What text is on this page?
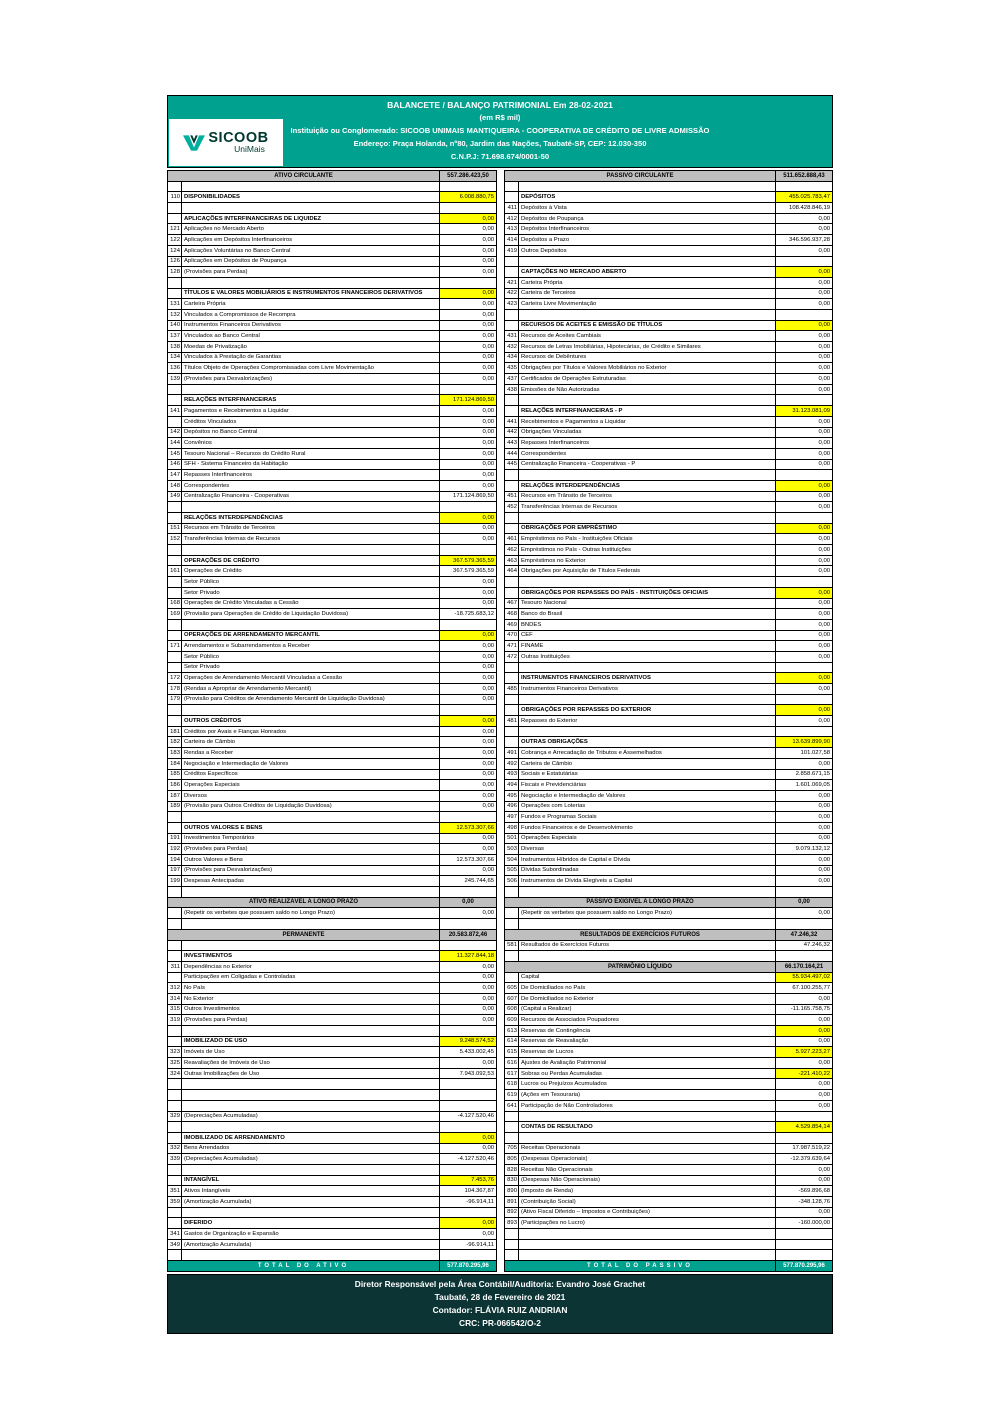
BALANCETE / BALANÇO PATRIMONIAL Em 28-02-2021
(em R$ mil)
Instituição ou Conglomerado: SICOOB UNIMAIS MANTIQUEIRA - COOPERATIVA DE CRÉDITO DE LIVRE ADMISSÃO
Endereço: Praça Holanda, nº80, Jardim das Nações, Taubaté-SP, CEP: 12.030-350
C.N.P.J: 71.698.674/0001-50
SICOOB
UniMais
ATIVO CIRCULANTE		557.286.423,50

110	DISPONIBILIDADES	6.008.880,75

	APLICAÇÕES INTERFINANCEIRAS DE LIQUIDEZ	0,00
121	Aplicações no Mercado Aberto	0,00
122	Aplicações em Depósitos Interfinanceiros	0,00
124	Aplicações Voluntárias no Banco Central	0,00
126	Aplicações em Depósitos de Poupança	0,00
128	(Provisões para Perdas)	0,00

	TÍTULOS E VALORES MOBILIÁRIOS E INSTRUMENTOS FINANCEIROS DERIVATIVOS	0,00
131	Carteira Própria	0,00
132	Vinculados a Compromissos de Recompra	0,00
140	Instrumentos Financeiros Derivativos	0,00
137	Vinculados ao Banco Central	0,00
138	Moedas de Privatização	0,00
134	Vinculados à Prestação de Garantias	0,00
136	Títulos Objeto de Operações Compromissadas com Livre Movimentação	0,00
139	(Provisões para Desvalorizações)	0,00

	RELAÇÕES INTERFINANCEIRAS	171.124.869,50
141	Pagamentos e Recebimentos a Liquidar	0,00
	Créditos Vinculados	0,00
142	Depósitos no Banco Central	0,00
144	Convênios	0,00
145	Tesouro Nacional – Recursos do Crédito Rural	0,00
146	SFH - Sistema Financeiro da Habitação	0,00
147	Repasses Interfinanceiros	0,00
148	Correspondentes	0,00
149	Centralização Financeira - Cooperativas	171.124.869,50

	RELAÇÕES INTERDEPENDÊNCIAS	0,00
151	Recursos em Trânsito de Terceiros	0,00
152	Transferências Internas de Recursos	0,00

	OPERAÇÕES DE CRÉDITO	367.579.365,59
161	Operações de Crédito	367.579.365,59
	Setor Público	0,00
	Setor Privado	0,00
168	Operações de Crédito Vinculadas a Cessão	0,00
169	(Provisão para Operações de Crédito de Liquidação Duvidosa)	-18.725.683,12

	OPERAÇÕES DE ARRENDAMENTO MERCANTIL	0,00
171	Arrendamentos e Subarrendamentos a Receber	0,00
	Setor Público	0,00
	Setor Privado	0,00
172	Operações de Arrendamento Mercantil Vinculadas a Cessão	0,00
178	(Rendas a Apropriar de Arrendamento Mercantil)	0,00
179	(Provisão para Créditos de Arrendamento Mercantil de Liquidação Duvidosa)	0,00

	OUTROS CRÉDITOS	0,00
181	Créditos por Avais e Fianças Honrados	0,00
182	Carteira de Câmbio	0,00
183	Rendas a Receber	0,00
184	Negociação e Intermediação de Valores	0,00
185	Créditos Específicos	0,00
186	Operações Especiais	0,00
187	Diversos	0,00
189	(Provisão para Outros Créditos de Liquidação Duvidosa)	0,00

	OUTROS VALORES E BENS	12.573.307,66
191	Investimentos Temporários	0,00
192	(Provisões para Perdas)	0,00
194	Outros Valores e Bens	12.573.307,66
197	(Provisões para Desvalorizações)	0,00
199	Despesas Antecipadas	245.744,65

ATIVO REALIZÁVEL A LONGO PRAZO		0,00
	(Repetir os verbetes que possuem saldo no Longo Prazo)	0,00

PERMANENTE		20.583.872,46

	INVESTIMENTOS	11.327.844,18
311	Dependências no Exterior	0,00
	Participações em Coligadas e Controladas	0,00
312	No País	0,00
314	No Exterior	0,00
315	Outros Investimentos	0,00
319	(Provisões para Perdas)	0,00

	IMOBILIZADO DE USO	9.248.574,52
323	Imóveis de Uso	5.433.002,45
325	Reavaliações de Imóveis de Uso	0,00
324	Outras Imobilizações de Uso	7.943.092,53

329	(Depreciações Acumuladas)	-4.127.520,46

	IMOBILIZADO DE ARRENDAMENTO	0,00
332	Bens Arrendados	0,00
339	(Depreciações Acumuladas)	-4.127.520,46

	INTANGÍVEL	7.453,76
351	Ativos Intangíveis	104.367,87
359	(Amortização Acumulada)	-96.914,11

	DIFERIDO	0,00
341	Gastos de Organização e Expansão	0,00
349	(Amortização Acumulada)	-96.914,11

TOTAL DO ATIVO		577.870.295,96
PASSIVO CIRCULANTE		511.652.888,43

	DEPÓSITOS	455.025.783,47
411	Depósitos à Vista	108.428.846,19
412	Depósitos de Poupança	0,00
413	Depósitos Interfinanceiros	0,00
414	Depósitos a Prazo	346.596.937,28
419	Outros Depósitos	0,00

	CAPTAÇÕES NO MERCADO ABERTO	0,00
421	Carteira Própria	0,00
422	Carteira de Terceiros	0,00
423	Carteira Livre Movimentação	0,00

	RECURSOS DE ACEITES E EMISSÃO DE TÍTULOS	0,00
431	Recursos de Aceites Cambiais	0,00
432	Recursos de Letras Imobiliárias, Hipotecárias, de Crédito e Similares	0,00
434	Recursos de Debêntures	0,00
435	Obrigações por Títulos e Valores Mobiliários no Exterior	0,00
437	Certificados de Operações Estruturadas	0,00
438	Emissões de Não Autorizadas	0,00

	RELAÇÕES INTERFINANCEIRAS - P	31.123.081,09
441	Recebimentos e Pagamentos a Liquidar	0,00
442	Obrigações Vinculadas	0,00
443	Repasses Interfinanceiros	0,00
444	Correspondentes	0,00
445	Centralização Financeira - Cooperativas - P	0,00

	RELAÇÕES INTERDEPENDÊNCIAS	0,00
451	Recursos em Trânsito de Terceiros	0,00
452	Transferências Internas de Recursos	0,00

	OBRIGAÇÕES POR EMPRÉSTIMO	0,00
461	Empréstimos no País - Instituições Oficiais	0,00
462	Empréstimos no País - Outras Instituições	0,00
463	Empréstimos no Exterior	0,00
464	Obrigações por Aquisição de Títulos Federais	0,00

	OBRIGAÇÕES POR REPASSES DO PAÍS - INSTITUIÇÕES OFICIAIS	0,00
467	Tesouro Nacional	0,00
468	Banco do Brasil	0,00
469	BNDES	0,00
470	CEF	0,00
471	FINAME	0,00
472	Outras Instituições	0,00

	INSTRUMENTOS FINANCEIROS DERIVATIVOS	0,00
485	Instrumentos Financeiros Derivativos	0,00

	OBRIGAÇÕES POR REPASSES DO EXTERIOR	0,00
481	Repasses do Exterior	0,00

	OUTRAS OBRIGAÇÕES	13.639.899,90
491	Cobrança e Arrecadação de Tributos e Assemelhados	101.027,58
492	Carteira de Câmbio	0,00
493	Sociais e Estatutárias	2.858.671,15
494	Fiscais e Previdenciárias	1.601.069,05
495	Negociação e Intermediação de Valores	0,00
496	Operações com Loterias	0,00
497	Fundos e Programas Sociais	0,00
498	Fundos Financeiros e de Desenvolvimento	0,00
501	Operações Especiais	0,00
503	Diversas	9.079.132,12
504	Instrumentos Híbridos de Capital e Dívida	0,00
505	Dívidas Subordinadas	0,00
506	Instrumentos de Dívida Elegíveis a Capital	0,00

PASSIVO EXIGÍVEL A LONGO PRAZO		0,00
	(Repetir os verbetes que possuem saldo no Longo Prazo)	0,00

RESULTADOS DE EXERCÍCIOS FUTUROS		47.246,32
581	Resultados de Exercícios Futuros	47.246,32

PATRIMÔNIO LÍQUIDO		66.170.164,21
	Capital	55.934.497,02
605	De Domiciliados no País	67.100.255,77
607	De Domiciliados no Exterior	0,00
608	(Capital a Realizar)	-11.165.758,75
609	Recursos de Associados Poupadores	0,00
613	Reservas de Contingência	0,00
614	Reservas de Reavaliação	0,00
615	Reservas de Lucros	5.927.223,27
616	Ajustes de Avaliação Patrimonial	0,00
617	Sobras ou Perdas Acumuladas	-221.410,22
618	Lucros ou Prejuízos Acumulados	0,00
619	(Ações em Tesouraria)	0,00
641	Participação de Não Controladores	0,00

	CONTAS DE RESULTADO	4.529.854,14

705	Receitas Operacionais	17.987.519,22
805	(Despesas Operacionais)	-12.379.639,64
828	Receitas Não Operacionais	0,00
830	(Despesas Não Operacionais)	0,00
890	(Imposto de Renda)	-569.896,68
891	(Contribuição Social)	-348.128,76
892	(Ativo Fiscal Diferido – Impostos e Contribuições)	0,00
893	(Participações no Lucro)	-160.000,00

TOTAL DO PASSIVO		577.870.295,96
Diretor Responsável pela Área Contábil/Auditoria: Evandro José Grachet
Taubaté, 28 de Fevereiro de 2021
Contador: FLÁVIA RUIZ ANDRIAN
CRC: PR-066542/O-2
